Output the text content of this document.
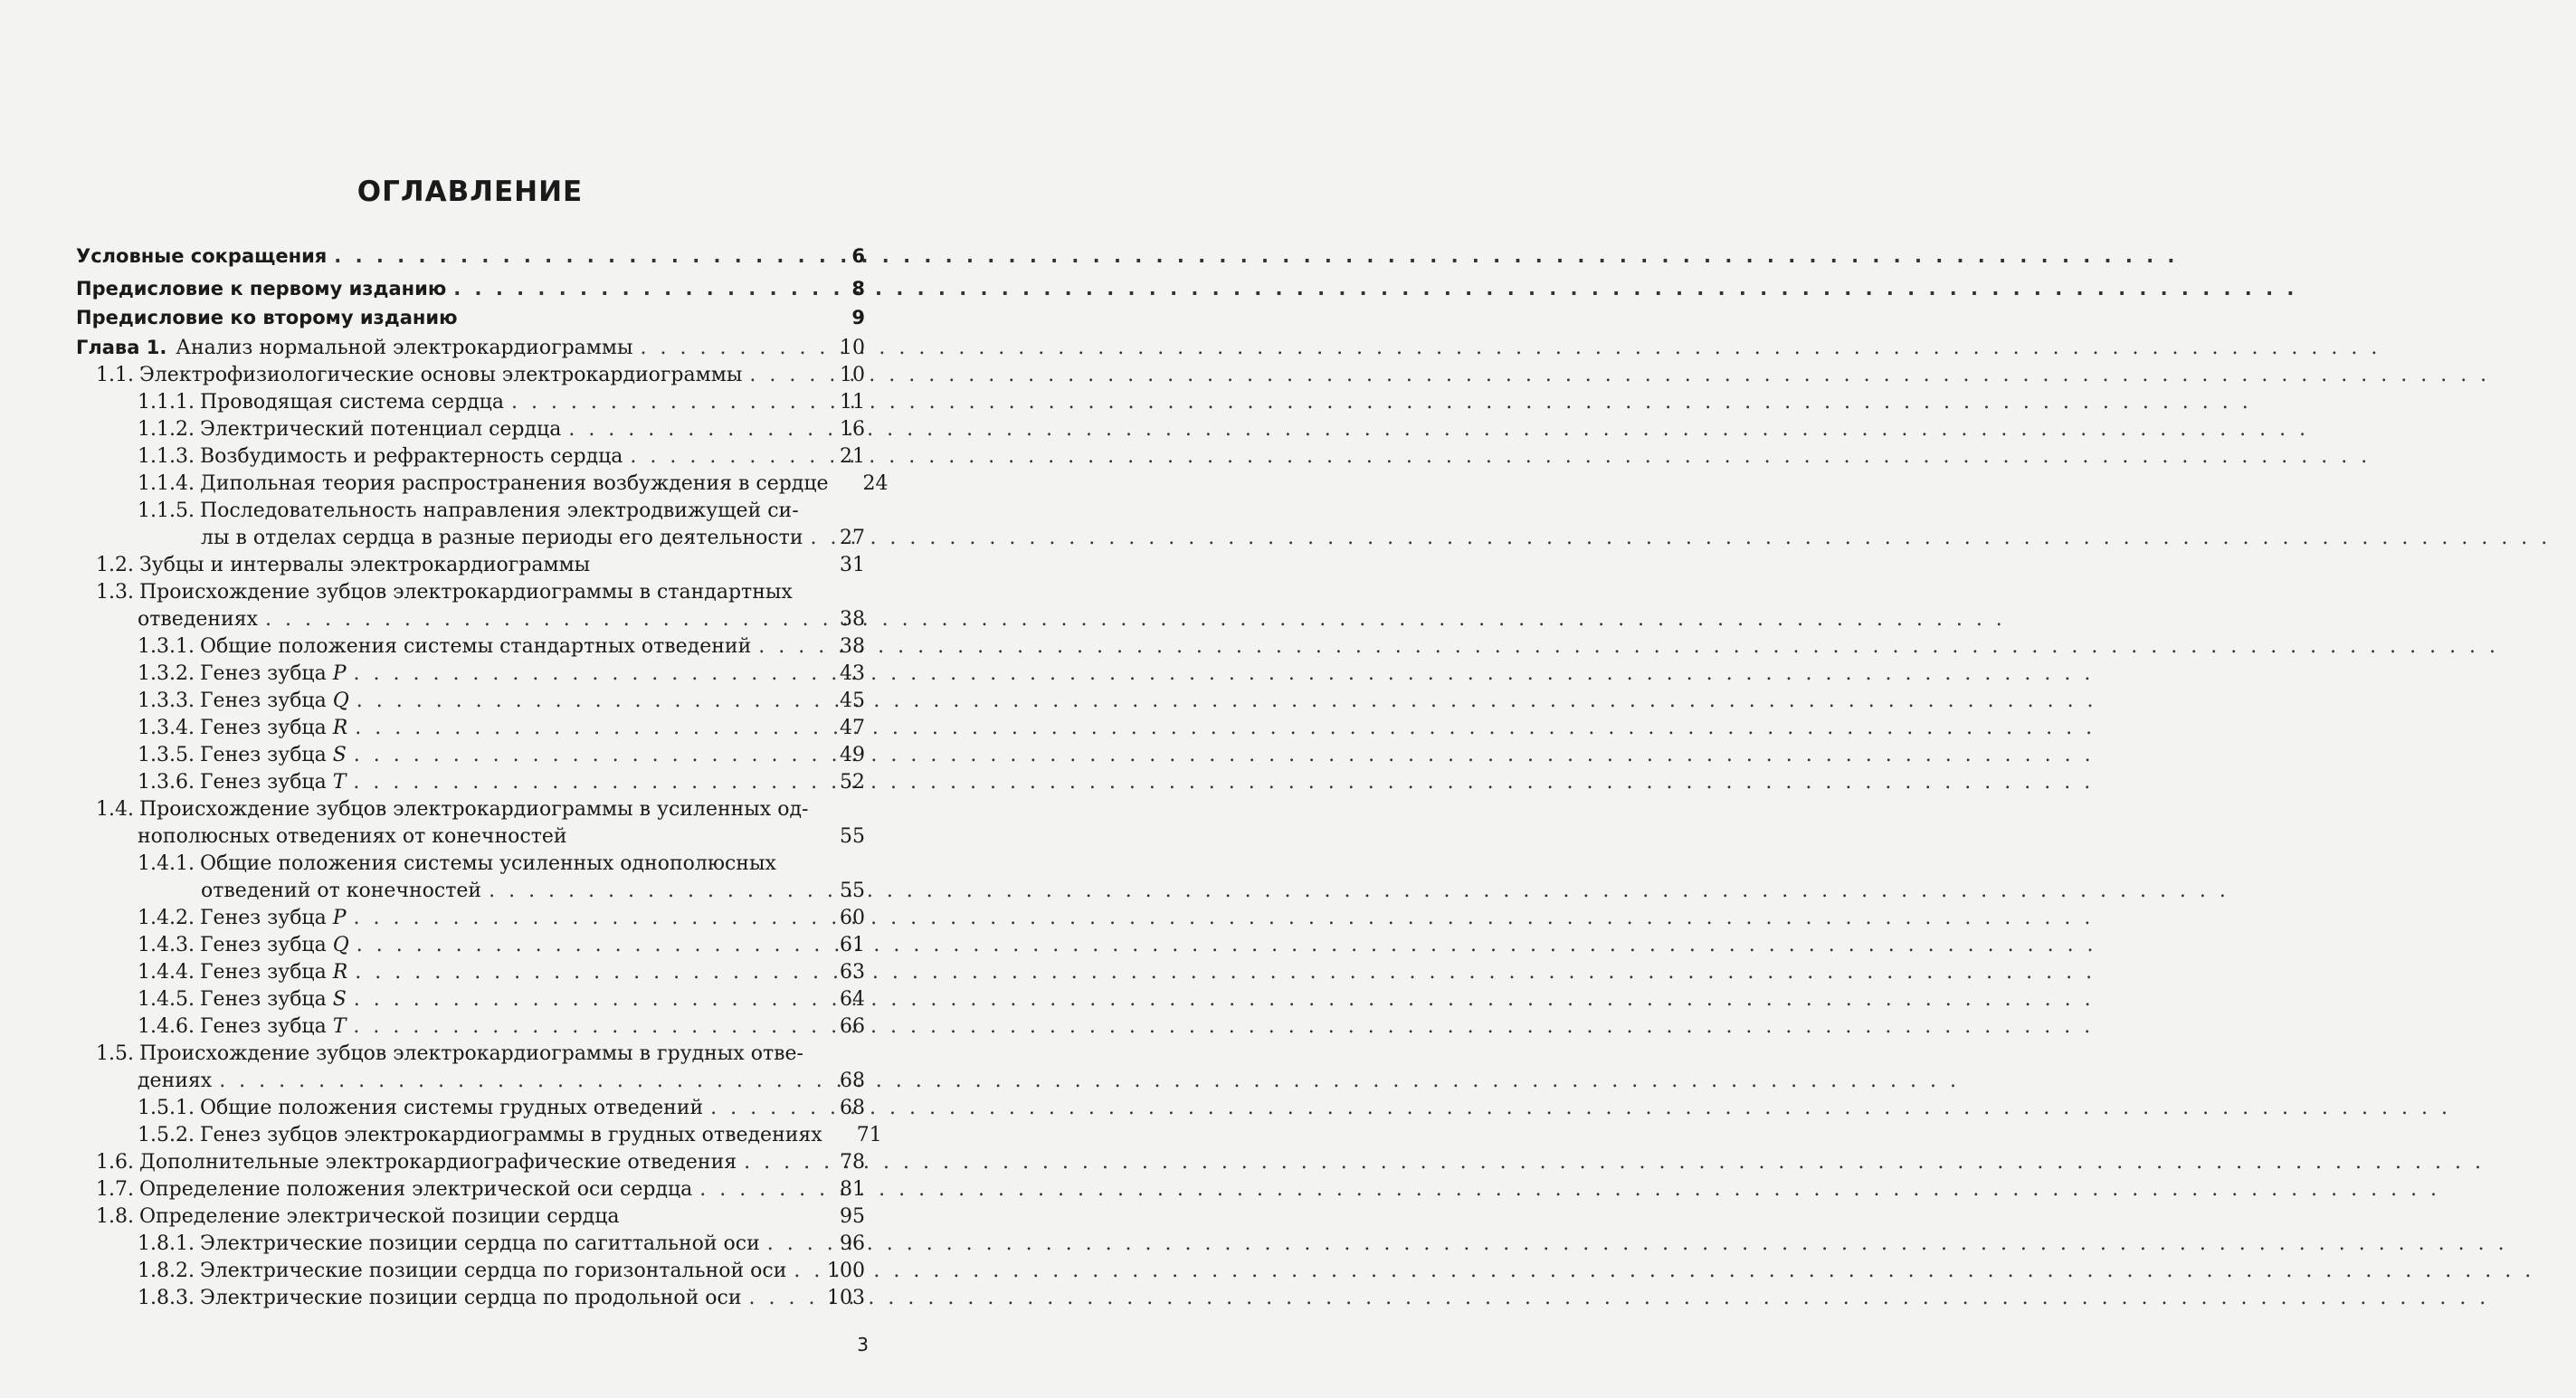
ОГЛАВЛЕНИЕ
Условные сокращения . . .	6
Предисловие к первому изданию . . .	8
Предисловие ко второму изданию	9
Глава 1. Анализ нормальной электрокардиограммы . . .	10
1.1. Электрофизиологические основы электрокардиограммы . . .	10
1.1.1. Проводящая система сердца . . .	11
1.1.2. Электрический потенциал сердца . . .	16
1.1.3. Возбудимость и рефрактерность сердца . . .	21
1.1.4. Дипольная теория распространения возбуждения в сердце	24
1.1.5. Последовательность направления электродвижущей си-
лы в отделах сердца в разные периоды его деятельности . . .	27
1.2. Зубцы и интервалы электрокардиограммы	31
1.3. Происхождение зубцов электрокардиограммы в стандартных
отведениях . . .	38
1.3.1. Общие положения системы стандартных отведений . . .	38
1.3.2. Генез зубца P . . .	43
1.3.3. Генез зубца Q . . .	45
1.3.4. Генез зубца R . . .	47
1.3.5. Генез зубца S . . .	49
1.3.6. Генез зубца T . . .	52
1.4. Происхождение зубцов электрокардиограммы в усиленных од-
нополюсных отведениях от конечностей	55
1.4.1. Общие положения системы усиленных однополюсных
отведений от конечностей . . .	55
1.4.2. Генез зубца P . . .	60
1.4.3. Генез зубца Q . . .	61
1.4.4. Генез зубца R . . .	63
1.4.5. Генез зубца S . . .	64
1.4.6. Генез зубца T . . .	66
1.5. Происхождение зубцов электрокардиограммы в грудных отве-
дениях . . .	68
1.5.1. Общие положения системы грудных отведений . . .	68
1.5.2. Генез зубцов электрокардиограммы в грудных отведениях	71
1.6. Дополнительные электрокардиографические отведения . . .	78
1.7. Определение положения электрической оси сердца . . .	81
1.8. Определение электрической позиции сердца	95
1.8.1. Электрические позиции сердца по сагиттальной оси . . .	96
1.8.2. Электрические позиции сердца по горизонтальной оси . . . 100
1.8.3. Электрические позиции сердца по продольной оси . . .	103
3
